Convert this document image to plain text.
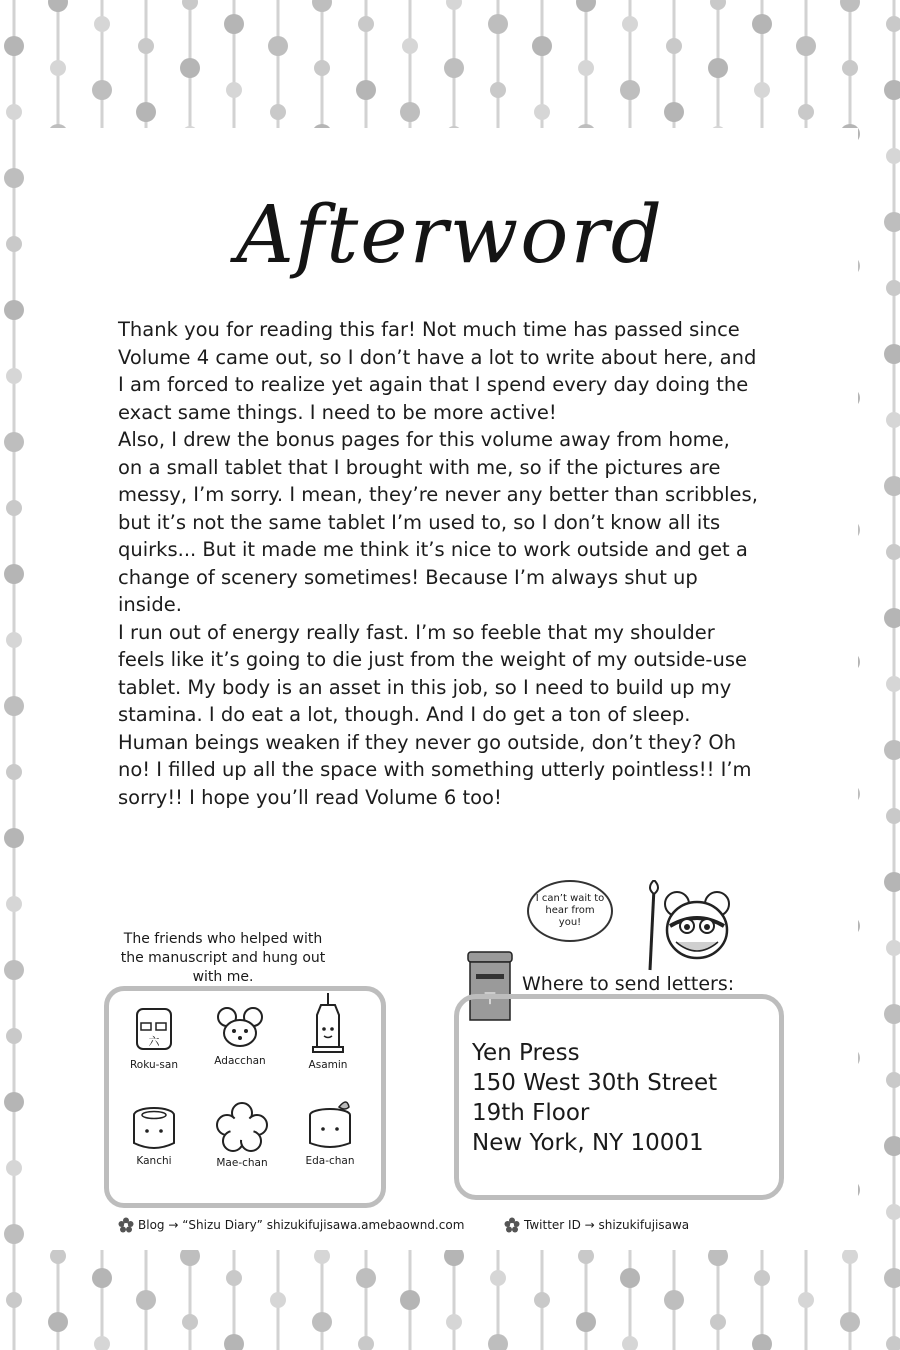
Afterword

Thank you for reading this far! Not much time has passed since Volume 4 came out, so I don’t have a lot to write about here, and I am forced to realize yet again that I spend every day doing the exact same things. I need to be more active!

Also, I drew the bonus pages for this volume away from home, on a small tablet that I brought with me, so if the pictures are messy, I’m sorry. I mean, they’re never any better than scribbles, but it’s not the same tablet I’m used to, so I don’t know all its quirks... But it made me think it’s nice to work outside and get a change of scenery sometimes! Because I’m always shut up inside.

I run out of energy really fast. I’m so feeble that my shoulder feels like it’s going to die just from the weight of my outside-use tablet. My body is an asset in this job, so I need to build up my stamina. I do eat a lot, though. And I do get a ton of sleep. Human beings weaken if they never go outside, don’t they? Oh no! I filled up all the space with something utterly pointless!! I’m sorry!! I hope you’ll read Volume 6 too!

The friends who helped with the manuscript and hung out with me.
六
Roku-san	Adacchan	Asamin
Kanchi	Mae-chan	Eda-chan
I can’t wait to hear from you!
〒
Where to send letters:
Yen Press
150 West 30th Street
19th Floor
New York, NY 10001
Blog → “Shizu Diary” shizukifujisawa.amebaownd.com	Twitter ID → shizukifujisawa
